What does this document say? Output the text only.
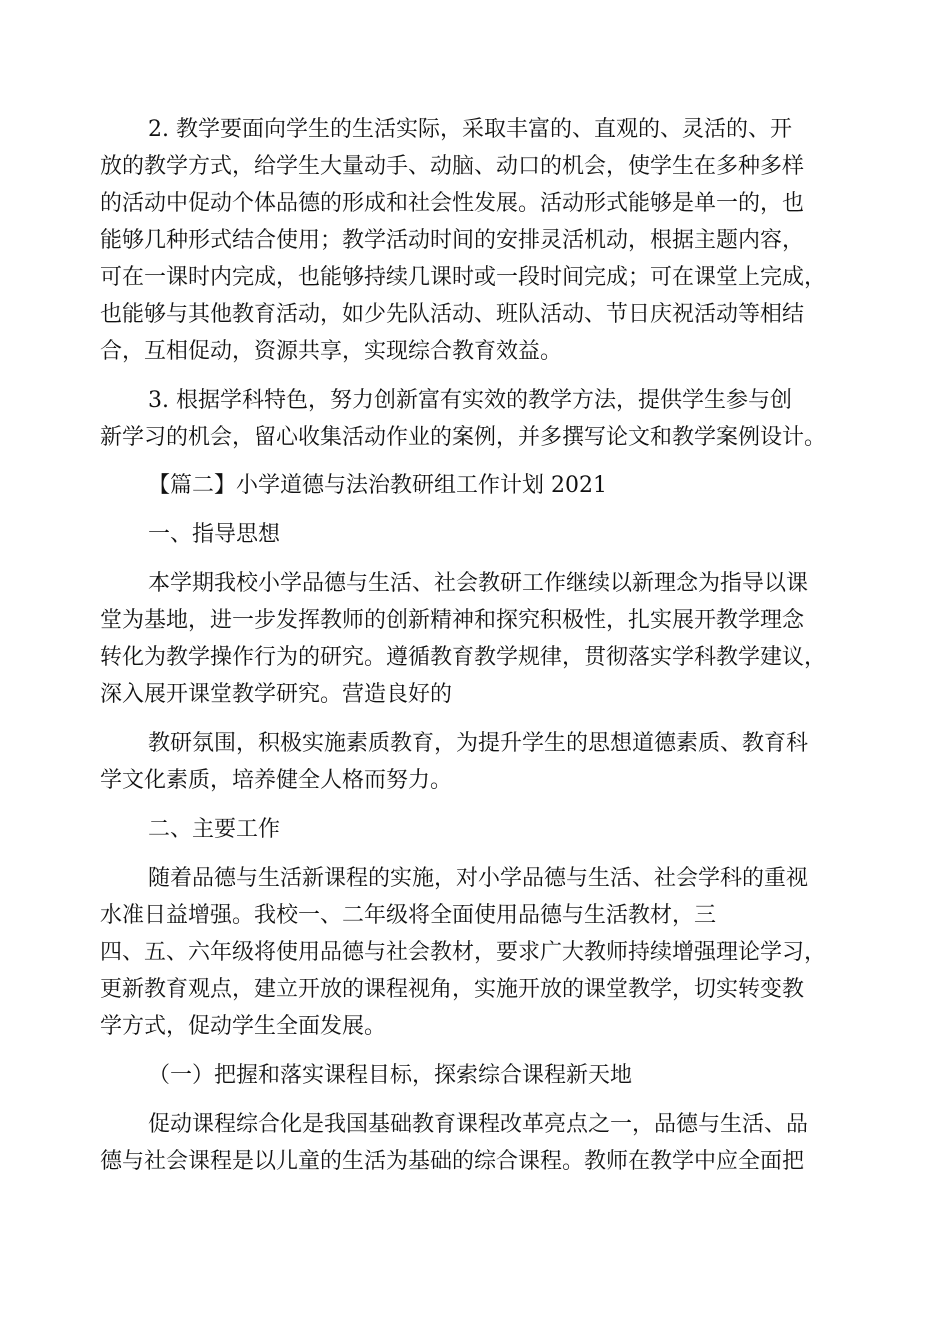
2. 教学要面向学生的生活实际，采取丰富的、直观的、灵活的、开

放的教学方式，给学生大量动手、动脑、动口的机会，使学生在多种多样

的活动中促动个体品德的形成和社会性发展。活动形式能够是单一的，也

能够几种形式结合使用；教学活动时间的安排灵活机动，根据主题内容，

可在一课时内完成，也能够持续几课时或一段时间完成；可在课堂上完成，

也能够与其他教育活动，如少先队活动、班队活动、节日庆祝活动等相结

合，互相促动，资源共享，实现综合教育效益。

3. 根据学科特色，努力创新富有实效的教学方法，提供学生参与创

新学习的机会，留心收集活动作业的案例，并多撰写论文和教学案例设计。

【篇二】小学道德与法治教研组工作计划 2021

一、指导思想

本学期我校小学品德与生活、社会教研工作继续以新理念为指导以课

堂为基地，进一步发挥教师的创新精神和探究积极性，扎实展开教学理念

转化为教学操作行为的研究。遵循教育教学规律，贯彻落实学科教学建议，

深入展开课堂教学研究。营造良好的

教研氛围，积极实施素质教育，为提升学生的思想道德素质、教育科

学文化素质，培养健全人格而努力。

二、主要工作

随着品德与生活新课程的实施，对小学品德与生活、社会学科的重视

水准日益增强。我校一、二年级将全面使用品德与生活教材，三

四、五、六年级将使用品德与社会教材，要求广大教师持续增强理论学习，

更新教育观点，建立开放的课程视角，实施开放的课堂教学，切实转变教

学方式，促动学生全面发展。

（一）把握和落实课程目标，探索综合课程新天地

促动课程综合化是我国基础教育课程改革亮点之一，品德与生活、品

德与社会课程是以儿童的生活为基础的综合课程。教师在教学中应全面把
